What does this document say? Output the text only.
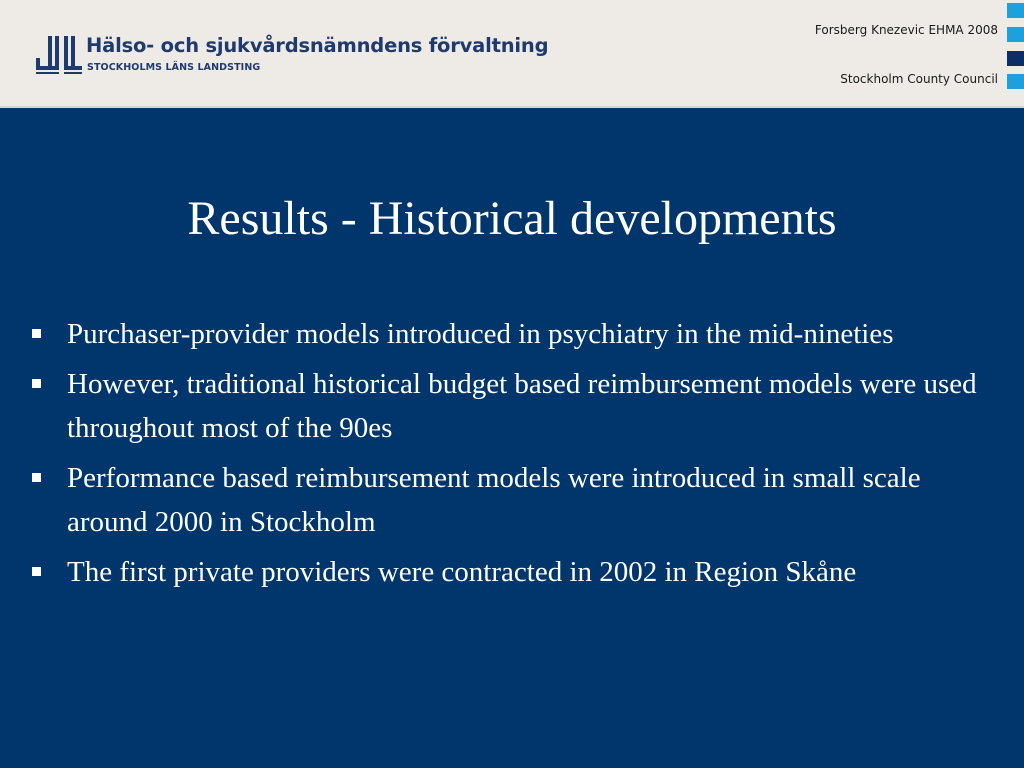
Hälso- och sjukvårdsnämndens förvaltning
STOCKHOLMS LÄNS LANDSTING
Forsberg Knezevic EHMA 2008
Stockholm County Council
Results - Historical developments
Purchaser-provider models introduced in psychiatry in the mid-nineties
However, traditional historical budget based reimbursement models were used throughout most of the 90es
Performance based reimbursement models were introduced in small scale around 2000 in Stockholm
The first private providers were contracted in 2002 in Region Skåne
